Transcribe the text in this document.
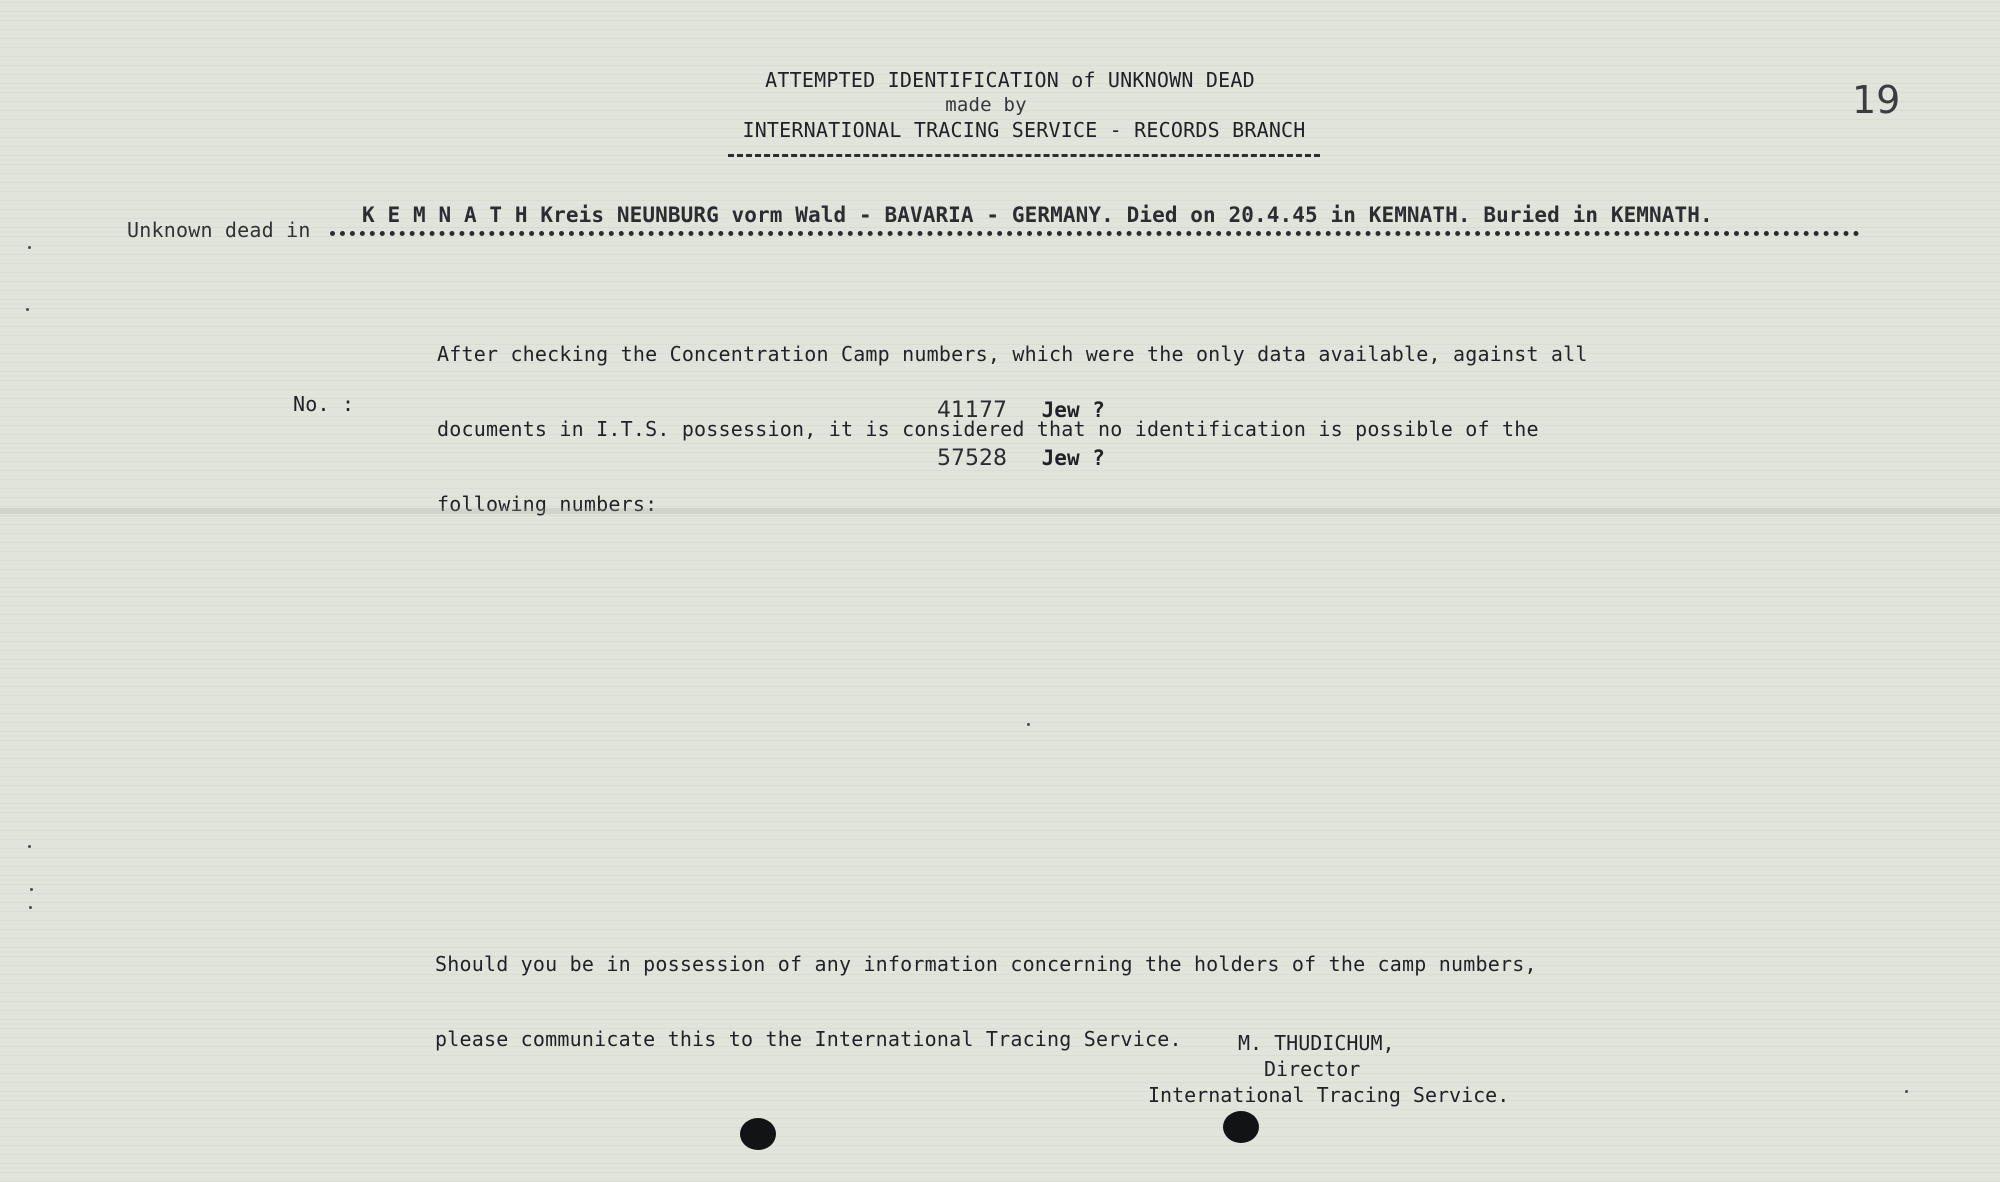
ATTEMPTED IDENTIFICATION of UNKNOWN DEAD
made by
INTERNATIONAL TRACING SERVICE - RECORDS BRANCH
19
Unknown dead in
K E M N A T H Kreis NEUNBURG vorm Wald - BAVARIA - GERMANY. Died on 20.4.45 in KEMNATH. Buried in KEMNATH.

After checking the Concentration Camp numbers, which were the only data available, against all

documents in I.T.S. possession, it is considered that no identification is possible of the

following numbers:

No. :	41177 Jew ?
57528 Jew ?

Should you be in possession of any information concerning the holders of the camp numbers,

please communicate this to the International Tracing Service.

	M. THUDICHUM,
Director
International Tracing Service.
